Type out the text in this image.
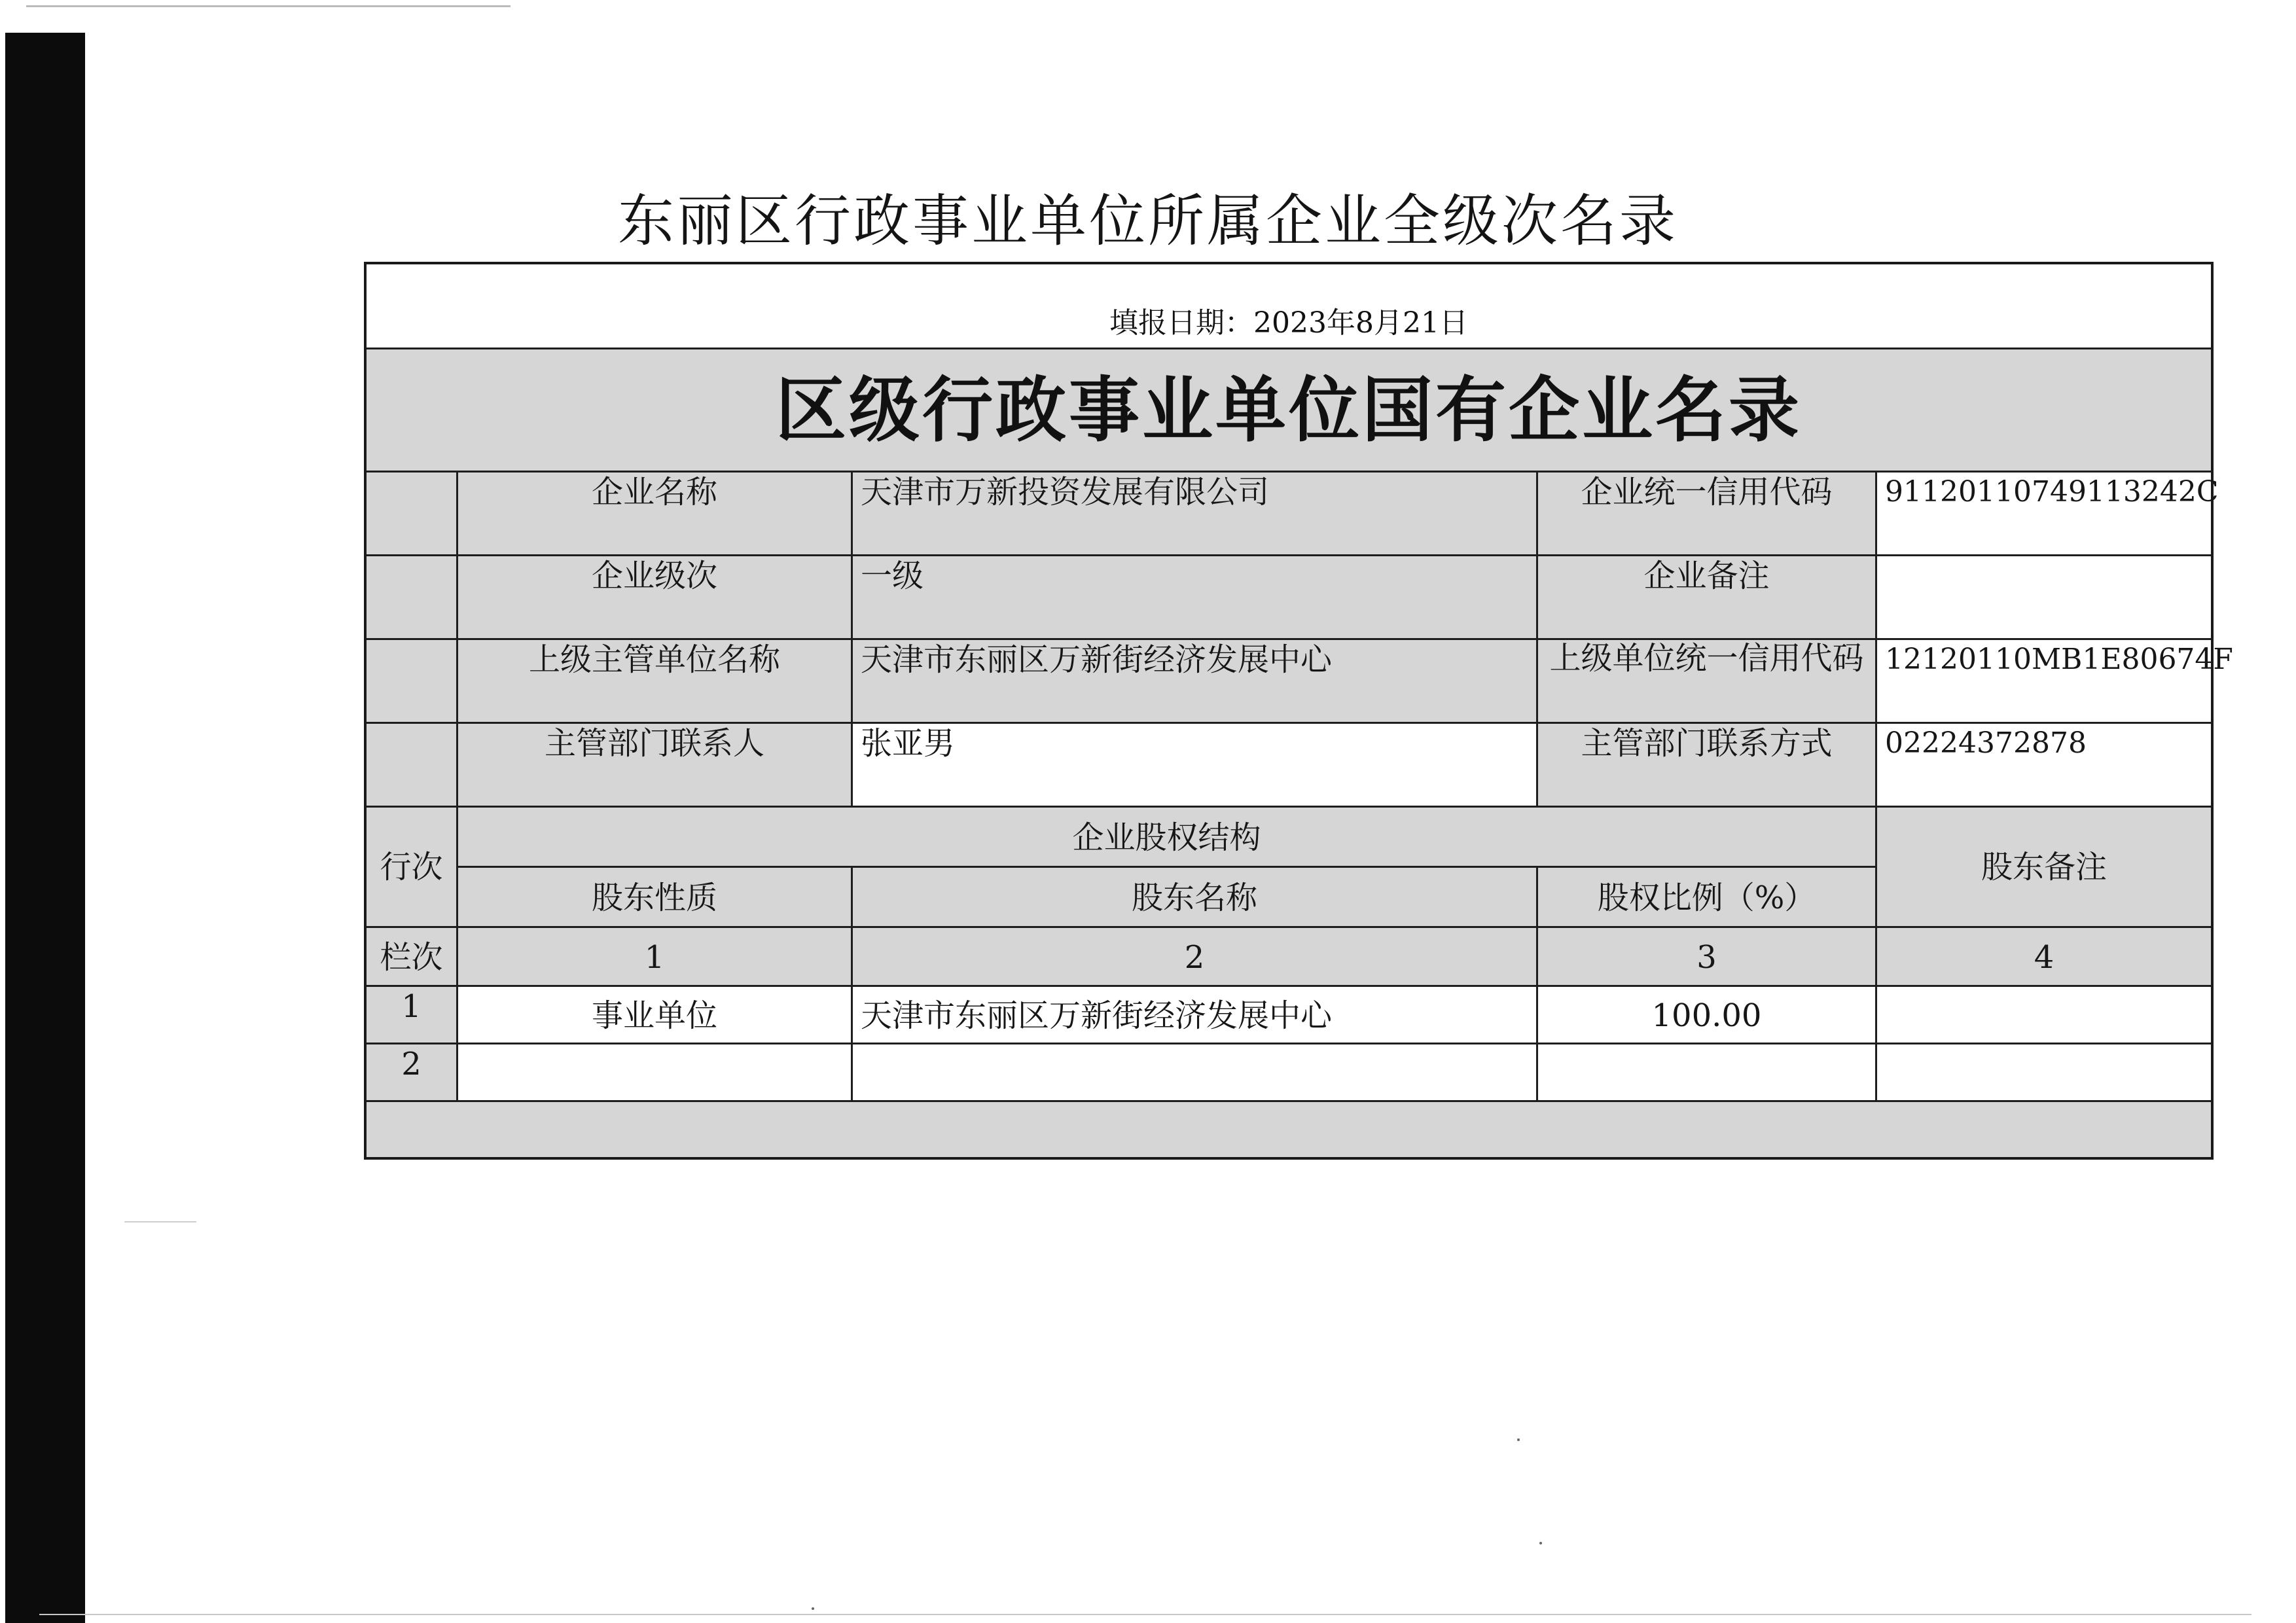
东丽区行政事业单位所属企业全级次名录
填报日期：2023年8月21日
区级行政事业单位国有企业名录
企业名称	天津市万新投资发展有限公司	企业统一信用代码	91120110749113242C
企业级次	一级	企业备注
上级主管单位名称	天津市东丽区万新街经济发展中心	上级单位统一信用代码 12120110MB1E80674F
主管部门联系人	张亚男	主管部门联系方式	02224372878
行次
企业股权结构
股东备注
股东性质	股东名称	股权比例（%）
栏次	1	2	3	4
1	事业单位	天津市东丽区万新街经济发展中心	100.00
2
